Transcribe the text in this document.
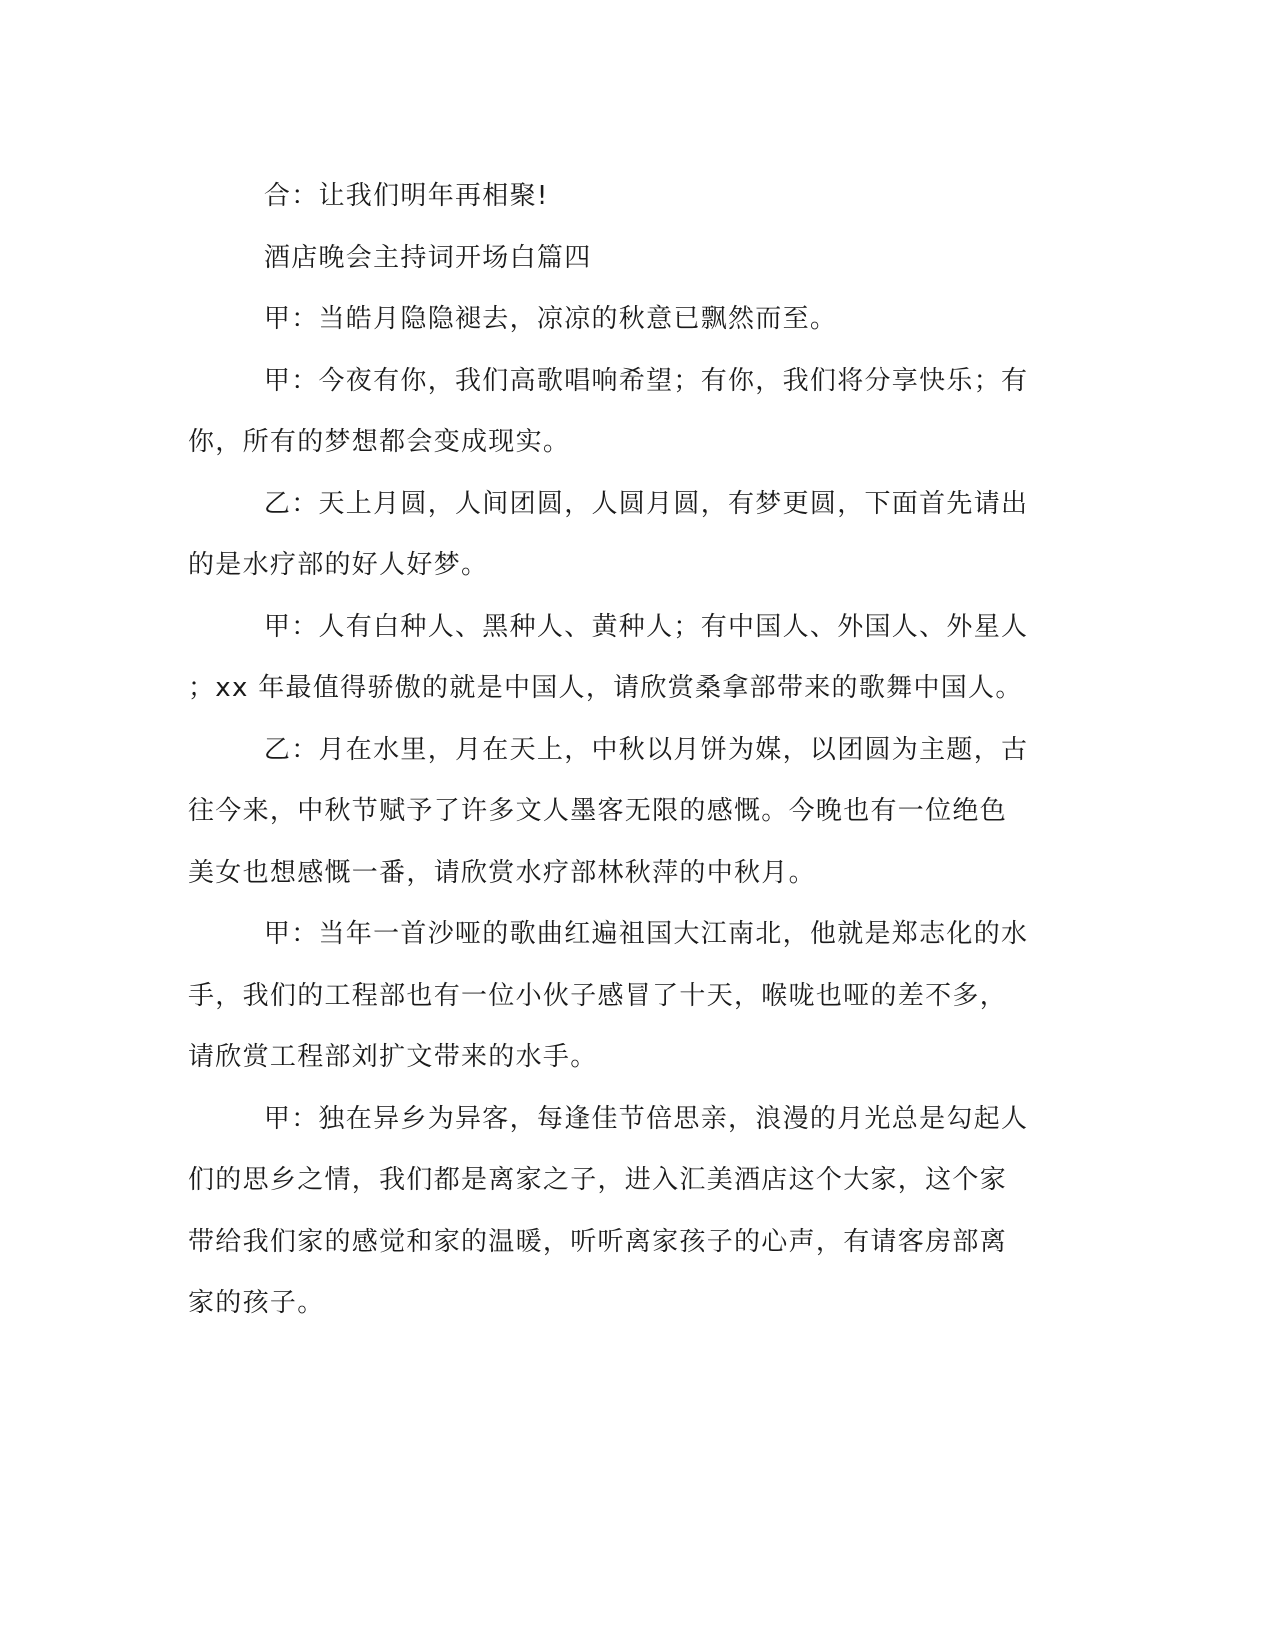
合：让我们明年再相聚!

酒店晚会主持词开场白篇四

甲：当皓月隐隐褪去，凉凉的秋意已飘然而至。

甲：今夜有你，我们高歌唱响希望；有你，我们将分享快乐；有
你，所有的梦想都会变成现实。

乙：天上月圆，人间团圆，人圆月圆，有梦更圆，下面首先请出
的是水疗部的好人好梦。

甲：人有白种人、黑种人、黄种人；有中国人、外国人、外星人
；xx 年最值得骄傲的就是中国人，请欣赏桑拿部带来的歌舞中国人。

乙：月在水里，月在天上，中秋以月饼为媒，以团圆为主题，古
往今来，中秋节赋予了许多文人墨客无限的感慨。今晚也有一位绝色
美女也想感慨一番，请欣赏水疗部林秋萍的中秋月。

甲：当年一首沙哑的歌曲红遍祖国大江南北，他就是郑志化的水
手，我们的工程部也有一位小伙子感冒了十天，喉咙也哑的差不多，
请欣赏工程部刘扩文带来的水手。

甲：独在异乡为异客，每逢佳节倍思亲，浪漫的月光总是勾起人
们的思乡之情，我们都是离家之子，进入汇美酒店这个大家，这个家
带给我们家的感觉和家的温暖，听听离家孩子的心声，有请客房部离
家的孩子。
